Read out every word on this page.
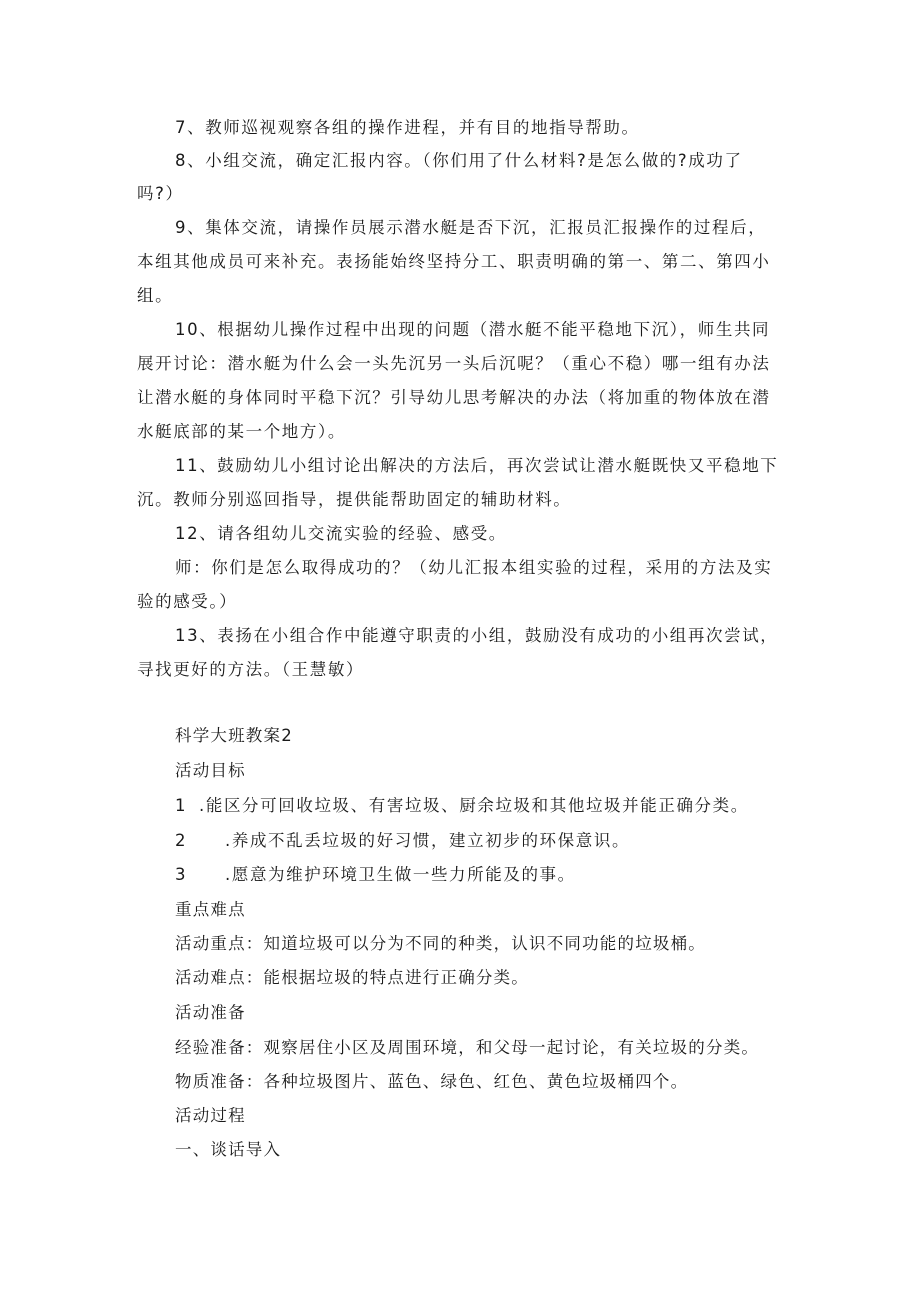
7、教师巡视观察各组的操作进程，并有目的地指导帮助。
8、小组交流，确定汇报内容。（你们用了什么材料?是怎么做的?成功了
吗?）
9、集体交流，请操作员展示潜水艇是否下沉，汇报员汇报操作的过程后，
本组其他成员可来补充。表扬能始终坚持分工、职责明确的第一、第二、第四小
组。
10、根据幼儿操作过程中出现的问题（潜水艇不能平稳地下沉），师生共同
展开讨论：潜水艇为什么会一头先沉另一头后沉呢？（重心不稳）哪一组有办法
让潜水艇的身体同时平稳下沉？引导幼儿思考解决的办法（将加重的物体放在潜
水艇底部的某一个地方）。
11、鼓励幼儿小组讨论出解决的方法后，再次尝试让潜水艇既快又平稳地下
沉。教师分别巡回指导，提供能帮助固定的辅助材料。
12、请各组幼儿交流实验的经验、感受。
师：你们是怎么取得成功的？（幼儿汇报本组实验的过程，采用的方法及实
验的感受。）
13、表扬在小组合作中能遵守职责的小组，鼓励没有成功的小组再次尝试，
寻找更好的方法。（王慧敏）
科学大班教案2
活动目标
1 .能区分可回收垃圾、有害垃圾、厨余垃圾和其他垃圾并能正确分类。
2 .养成不乱丢垃圾的好习惯，建立初步的环保意识。
3 .愿意为维护环境卫生做一些力所能及的事。
重点难点
活动重点：知道垃圾可以分为不同的种类，认识不同功能的垃圾桶。
活动难点：能根据垃圾的特点进行正确分类。
活动准备
经验准备：观察居住小区及周围环境，和父母一起讨论，有关垃圾的分类。
物质准备：各种垃圾图片、蓝色、绿色、红色、黄色垃圾桶四个。
活动过程
一、谈话导入
